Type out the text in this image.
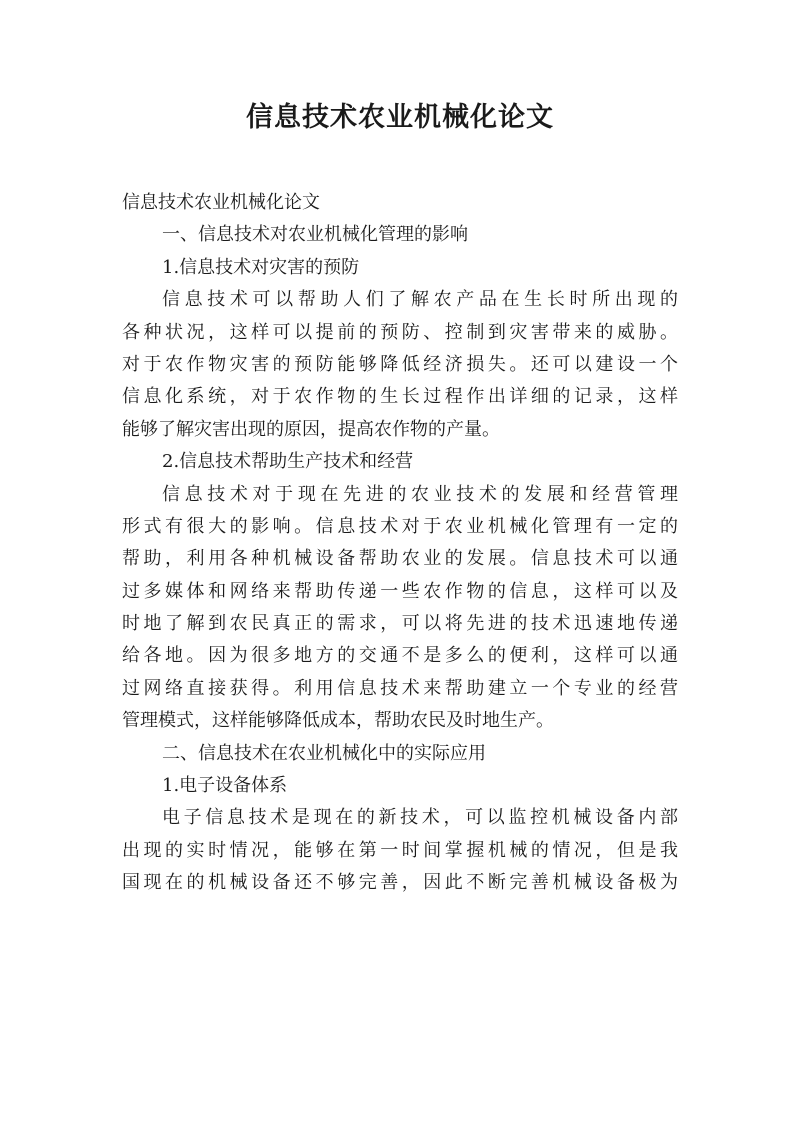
信息技术农业机械化论文
信息技术农业机械化论文
一、信息技术对农业机械化管理的影响
1.信息技术对灾害的预防
信息技术可以帮助人们了解农产品在生长时所出现的
各种状况，这样可以提前的预防、控制到灾害带来的威胁。
对于农作物灾害的预防能够降低经济损失。还可以建设一个
信息化系统，对于农作物的生长过程作出详细的记录，这样
能够了解灾害出现的原因，提高农作物的产量。
2.信息技术帮助生产技术和经营
信息技术对于现在先进的农业技术的发展和经营管理
形式有很大的影响。信息技术对于农业机械化管理有一定的
帮助，利用各种机械设备帮助农业的发展。信息技术可以通
过多媒体和网络来帮助传递一些农作物的信息，这样可以及
时地了解到农民真正的需求，可以将先进的技术迅速地传递
给各地。因为很多地方的交通不是多么的便利，这样可以通
过网络直接获得。利用信息技术来帮助建立一个专业的经营
管理模式，这样能够降低成本，帮助农民及时地生产。
二、信息技术在农业机械化中的实际应用
1.电子设备体系
电子信息技术是现在的新技术，可以监控机械设备内部
出现的实时情况，能够在第一时间掌握机械的情况，但是我
国现在的机械设备还不够完善，因此不断完善机械设备极为
